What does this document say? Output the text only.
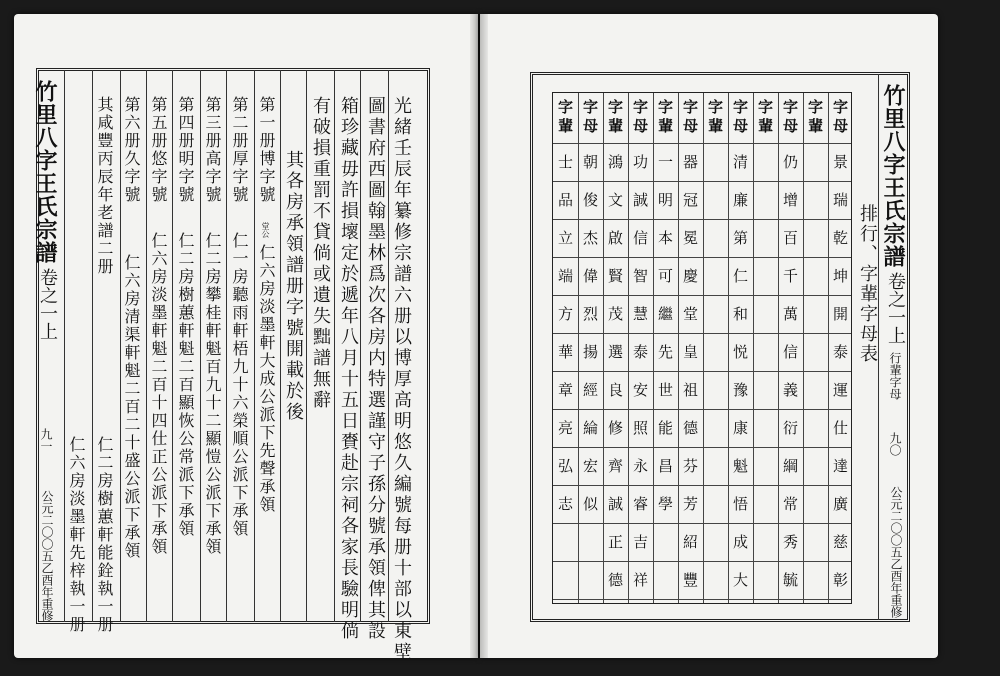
竹里八字王氏宗譜
卷之一上
九一
公元二〇〇五乙酉年重修	光緒壬辰年纂修宗譜六册以博厚高明悠久編號每册十部以東壁
圖書府西圖翰墨林爲次各房内特選謹守子孫分號承領俾其設
箱珍藏毋許損壞定於遞年八月十五日賚赴宗祠各家長驗明倘
有破損重罰不貸倘或遺失黜譜無辭
其各房承領譜册字號開載於後
第一册博字號
堂公
仁六房淡墨軒大成公派下先聲承領
第二册厚字號
仁一房聽雨軒梧九十六榮順公派下承領
第三册高字號
仁二房攀桂軒魁百九十二顯愷公派下承領
第四册明字號
仁二房樹蕙軒魁二百顯恢公常派下承領
第五册悠字號
仁六房淡墨軒魁二百十四仕正公派下承領
第六册久字號
仁六房清渠軒魁二百二十盛公派下承領
其咸豐丙辰年老譜二册
仁二房樹蕙軒能銓執一册
仁六房淡墨軒先梓執一册
竹里八字王氏宗譜
卷之一上
行輩字母
九〇
公元二〇〇五乙酉年重修
排行、字輩字母表
字母
景
瑞
乾
坤
開
泰
運
仕
達
廣
慈
彰
字輩
字母
仍
增
百
千
萬
信
義
衍
綱
常
秀
毓
字輩
字母
清
廉
第
仁
和
悦
豫
康
魁
悟
成
大
字輩
字母
器
冠
冕
慶
堂
皇
祖
德
芬
芳
紹
豐
字輩
一
明
本
可
繼
先
世
能
昌
學
字母
功
誠
信
智
慧
泰
安
照
永
睿
吉
祥
字輩
鴻
文
啟
賢
茂
選
良
修
齊
誠
正
德
字母
朝
俊
杰
偉
烈
揚
經
綸
宏
似
字輩
士
品
立
端
方
華
章
亮
弘
志
